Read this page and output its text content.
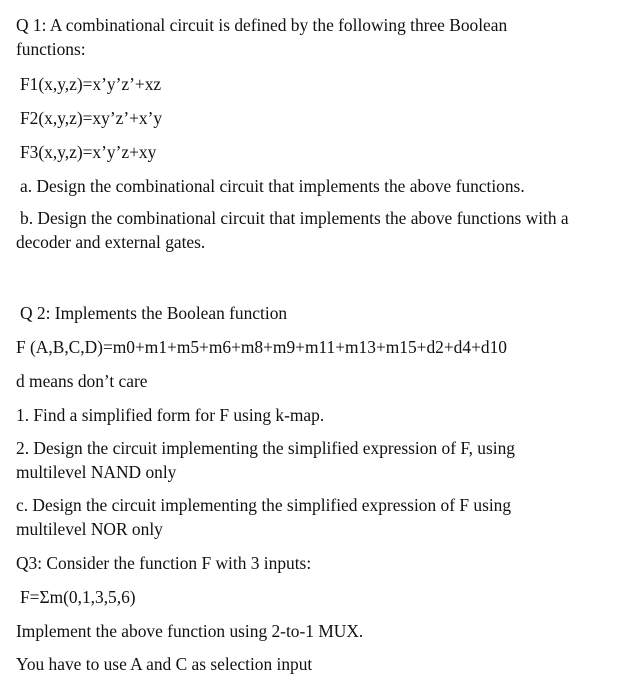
Q 1: A combinational circuit is defined by the following three Boolean functions:
F1(x,y,z)=x’y’z’+xz
F2(x,y,z)=xy’z’+x’y
F3(x,y,z)=x’y’z+xy
a. Design the combinational circuit that implements the above functions.
b. Design the combinational circuit that implements the above functions with a decoder and external gates.
Q 2: Implements the Boolean function
F (A,B,C,D)=m0+m1+m5+m6+m8+m9+m11+m13+m15+d2+d4+d10
d means don’t care
1. Find a simplified form for F using k-map.
2. Design the circuit implementing the simplified expression of F, using multilevel NAND only
c. Design the circuit implementing the simplified expression of F using multilevel NOR only
Q3: Consider the function F with 3 inputs:
F=Σm(0,1,3,5,6)
Implement the above function using 2-to-1 MUX.
You have to use A and C as selection input
